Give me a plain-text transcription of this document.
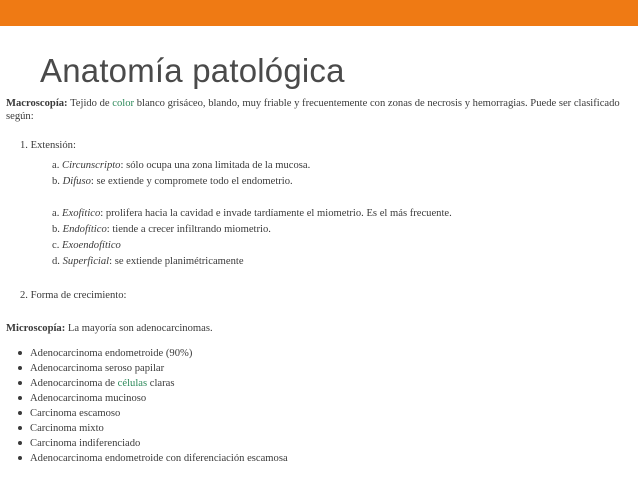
Anatomía patológica

Macroscopía: Tejido de color blanco grisáceo, blando, muy friable y frecuentemente con zonas de necrosis y hemorragias. Puede ser clasificado
según:

1. Extensión:
a. Circunscripto: sólo ocupa una zona limitada de la mucosa.
b. Difuso: se extiende y compromete todo el endometrio.
a. Exofítico: prolifera hacia la cavidad e invade tardíamente el miometrio. Es el más frecuente.
b. Endofítico: tiende a crecer infiltrando miometrio.
c. Exoendofítico
d. Superficial: se extiende planimétricamente
2. Forma de crecimiento:
Microscopía: La mayoría son adenocarcinomas.
Adenocarcinoma endometroide (90%)
Adenocarcinoma seroso papilar
Adenocarcinoma de células claras
Adenocarcinoma mucinoso
Carcinoma escamoso
Carcinoma mixto
Carcinoma indiferenciado
Adenocarcinoma endometroide con diferenciación escamosa
